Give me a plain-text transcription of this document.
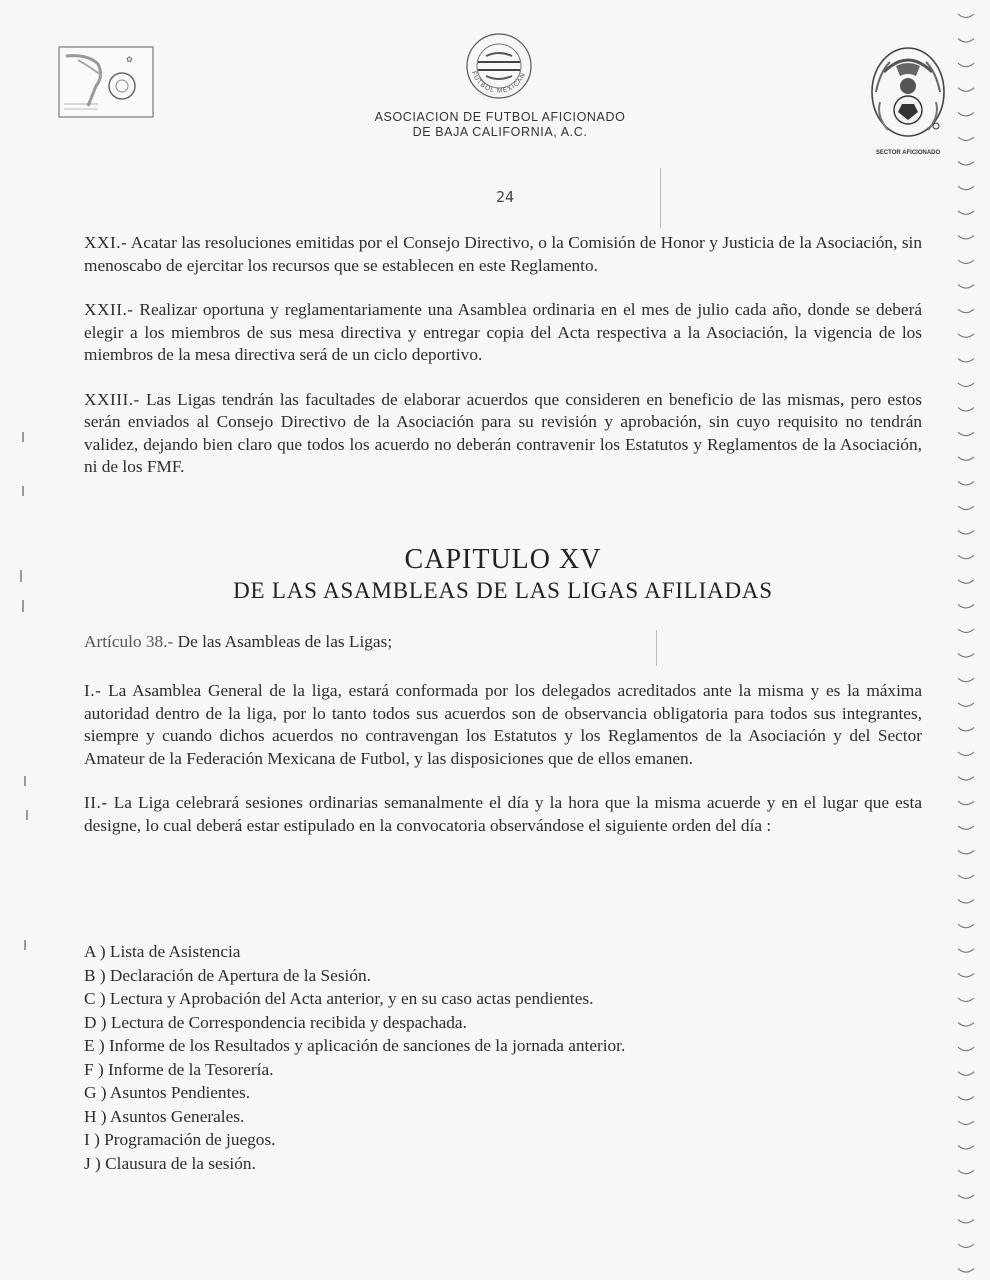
✿
FUTBOL MEXICAN
ASOCIACION DE FUTBOL AFICIONADO
DE BAJA CALIFORNIA, A.C.
SECTOR AFICIONADO
24

XXI.- Acatar las resoluciones emitidas por el Consejo Directivo, o la Comisión de Honor y Justicia de la Asociación, sin menoscabo de ejercitar los recursos que se establecen en este Reglamento.

XXII.- Realizar oportuna y reglamentariamente una Asamblea ordinaria en el mes de julio cada año, donde se deberá elegir a los miembros de sus mesa directiva y entregar copia del Acta respectiva a la Asociación, la vigencia de los miembros de la mesa directiva será de un ciclo deportivo.

XXIII.- Las Ligas tendrán las facultades de elaborar acuerdos que consideren en beneficio de las mismas, pero estos serán enviados al Consejo Directivo de la Asociación para su revisión y aprobación, sin cuyo requisito no tendrán validez, dejando bien claro que todos los acuerdo no deberán contravenir los Estatutos y Reglamentos de la Asociación, ni de los FMF.

CAPITULO XV
DE LAS ASAMBLEAS DE LAS LIGAS AFILIADAS
Artículo 38.- De las Asambleas de las Ligas;

I.- La Asamblea General de la liga, estará conformada por los delegados acreditados ante la misma y es la máxima autoridad dentro de la liga, por lo tanto todos sus acuerdos son de observancia obligatoria para todos sus integrantes, siempre y cuando dichos acuerdos no contravengan los Estatutos y los Reglamentos de la Asociación y del Sector Amateur de la Federación Mexicana de Futbol, y las disposiciones que de ellos emanen.

II.- La Liga celebrará sesiones ordinarias semanalmente el día y la hora que la misma acuerde y en el lugar que esta designe, lo cual deberá estar estipulado en la convocatoria observándose el siguiente orden del día :

A ) Lista de Asistencia
B ) Declaración de Apertura de la Sesión.
C ) Lectura y Aprobación del Acta anterior, y en su caso actas pendientes.
D ) Lectura de Correspondencia recibida y despachada.
E ) Informe de los Resultados y aplicación de sanciones de la jornada anterior.
F ) Informe de la Tesorería.
G ) Asuntos Pendientes.
H ) Asuntos Generales.
I ) Programación de juegos.
J ) Clausura de la sesión.
